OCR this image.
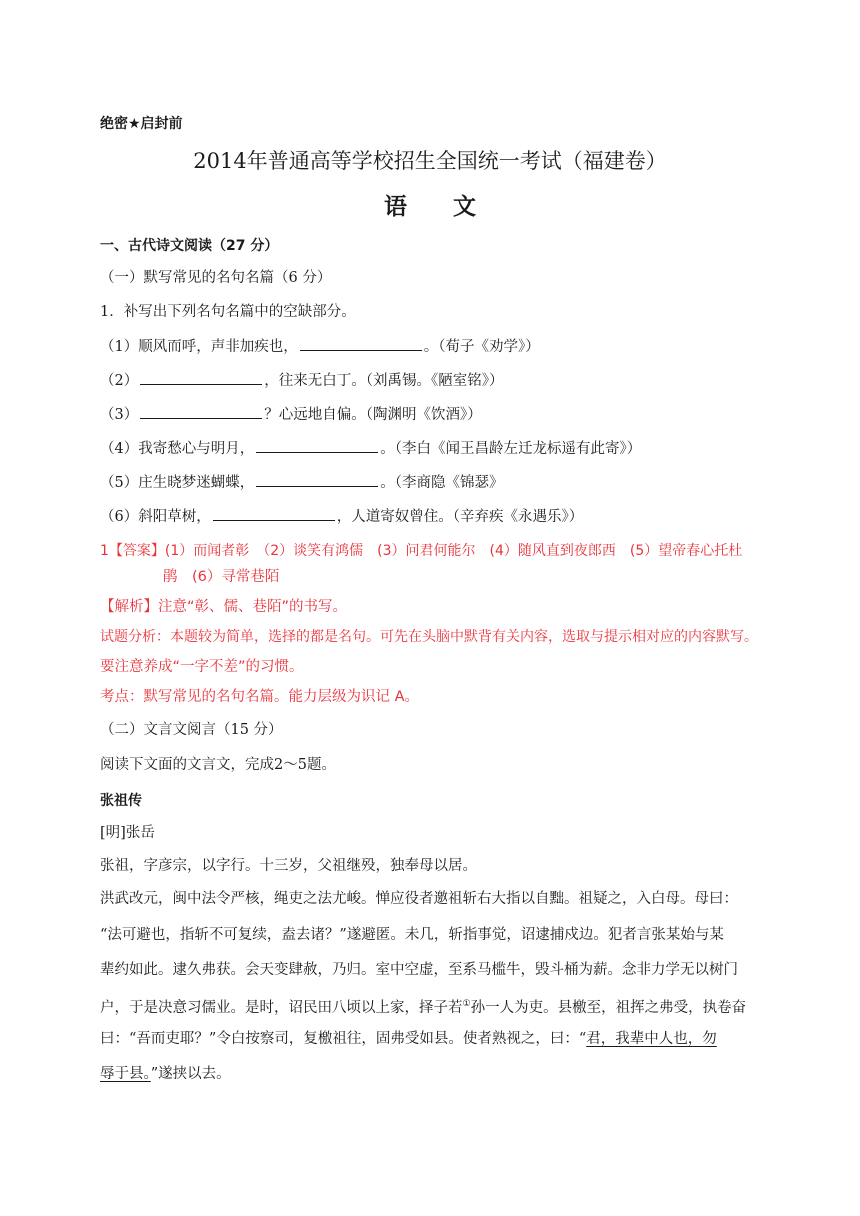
绝密★启封前
2014年普通高等学校招生全国统一考试（福建卷）
语　　文
一、古代诗文阅读（27 分）
（一）默写常见的名句名篇（6 分）
1．补写出下列名句名篇中的空缺部分。
（1）顺风而呼，声非加疾也，	。（荀子《劝学》）
（2）	，往来无白丁。（刘禹锡。《陋室铭》）
（3）	？心远地自偏。（陶渊明《饮酒》）
（4）我寄愁心与明月，	。（李白《闻王昌龄左迁龙标遥有此寄》）
（5）庄生晓梦迷蝴蝶，	。（李商隐《锦瑟》
（6）斜阳草树，	，人道寄奴曾住。（辛弃疾《永遇乐》）
1【答案】(1）而闻者彰　（2）谈笑有鸿儒　(3）问君何能尔　(4）随风直到夜郎西　(5）望帝春心托杜
鹃　(6）寻常巷陌
【解析】注意“彰、儒、巷陌”的书写。
试题分析：本题较为简单，选择的都是名句。可先在头脑中默背有关内容，选取与提示相对应的内容默写。
要注意养成“一字不差”的习惯。
考点：默写常见的名句名篇。能力层级为识记 A。
（二）文言文阅言（15 分）
阅读下文面的文言文，完成2～5题。
张祖传
[明]张岳
张祖，字彦宗，以字行。十三岁，父祖继殁，独奉母以居。
洪武改元，闽中法令严核，绳吏之法尤峻。惮应役者邀祖斩右大指以自黜。祖疑之，入白母。母曰：
“法可避也，指斩不可复续，盍去诸？”遂避匿。未几，斩指事觉，诏逮捕戍边。犯者言张某始与某
辈约如此。逮久弗获。会天变肆赦，乃归。室中空虚，至系马槛牛，毁斗桶为薪。念非力学无以树门
户，于是决意习儒业。是时，诏民田八顷以上家，择子若①孙一人为吏。县檄至，祖挥之弗受，执卷奋
曰：“吾而吏耶？”令白按察司，复檄祖往，固弗受如县。使者熟视之，曰：“君，我辈中人也，勿
辱于县。”遂挟以去。
